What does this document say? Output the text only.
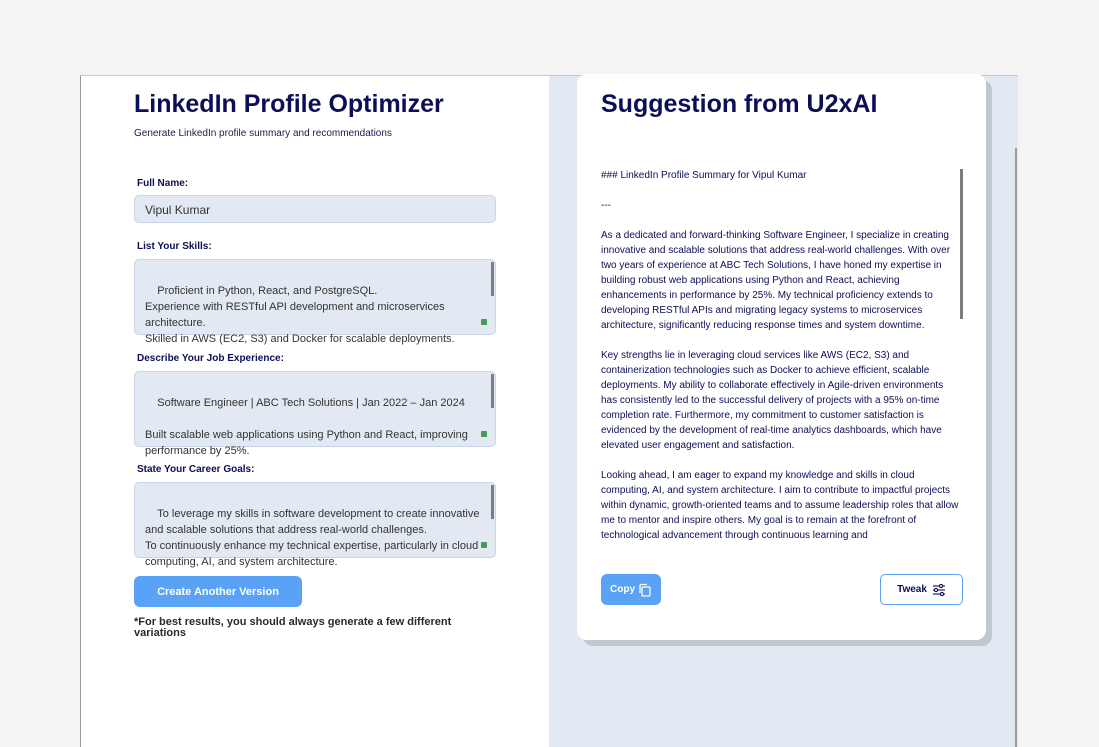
LinkedIn Profile Optimizer
Generate LinkedIn profile summary and recommendations
Full Name:
Vipul Kumar
List Your Skills:

Proficient in Python, React, and PostgreSQL.
Experience with RESTful API development and microservices architecture.
Skilled in AWS (EC2, S3) and Docker for scalable deployments.

Describe Your Job Experience:

Software Engineer | ABC Tech Solutions | Jan 2022 – Jan 2024

Built scalable web applications using Python and React, improving performance by 25%.

State Your Career Goals:

To leverage my skills in software development to create innovative and scalable solutions that address real-world challenges.
To continuously enhance my technical expertise, particularly in cloud computing, AI, and system architecture.

Create Another Version
*For best results, you should always generate a few different variations
Suggestion from U2xAI

### LinkedIn Profile Summary for Vipul Kumar

---

As a dedicated and forward-thinking Software Engineer, I specialize in creating innovative and scalable solutions that address real-world challenges. With over two years of experience at ABC Tech Solutions, I have honed my expertise in building robust web applications using Python and React, achieving enhancements in performance by 25%. My technical proficiency extends to developing RESTful APIs and migrating legacy systems to microservices architecture, significantly reducing response times and system downtime.

Key strengths lie in leveraging cloud services like AWS (EC2, S3) and containerization technologies such as Docker to achieve efficient, scalable deployments. My ability to collaborate effectively in Agile-driven environments has consistently led to the successful delivery of projects with a 95% on-time completion rate. Furthermore, my commitment to customer satisfaction is evidenced by the development of real-time analytics dashboards, which have elevated user engagement and satisfaction.

Looking ahead, I am eager to expand my knowledge and skills in cloud computing, AI, and system architecture. I aim to contribute to impactful projects within dynamic, growth-oriented teams and to assume leadership roles that allow me to mentor and inspire others. My goal is to remain at the forefront of technological advancement through continuous learning and

Copy	Tweak
